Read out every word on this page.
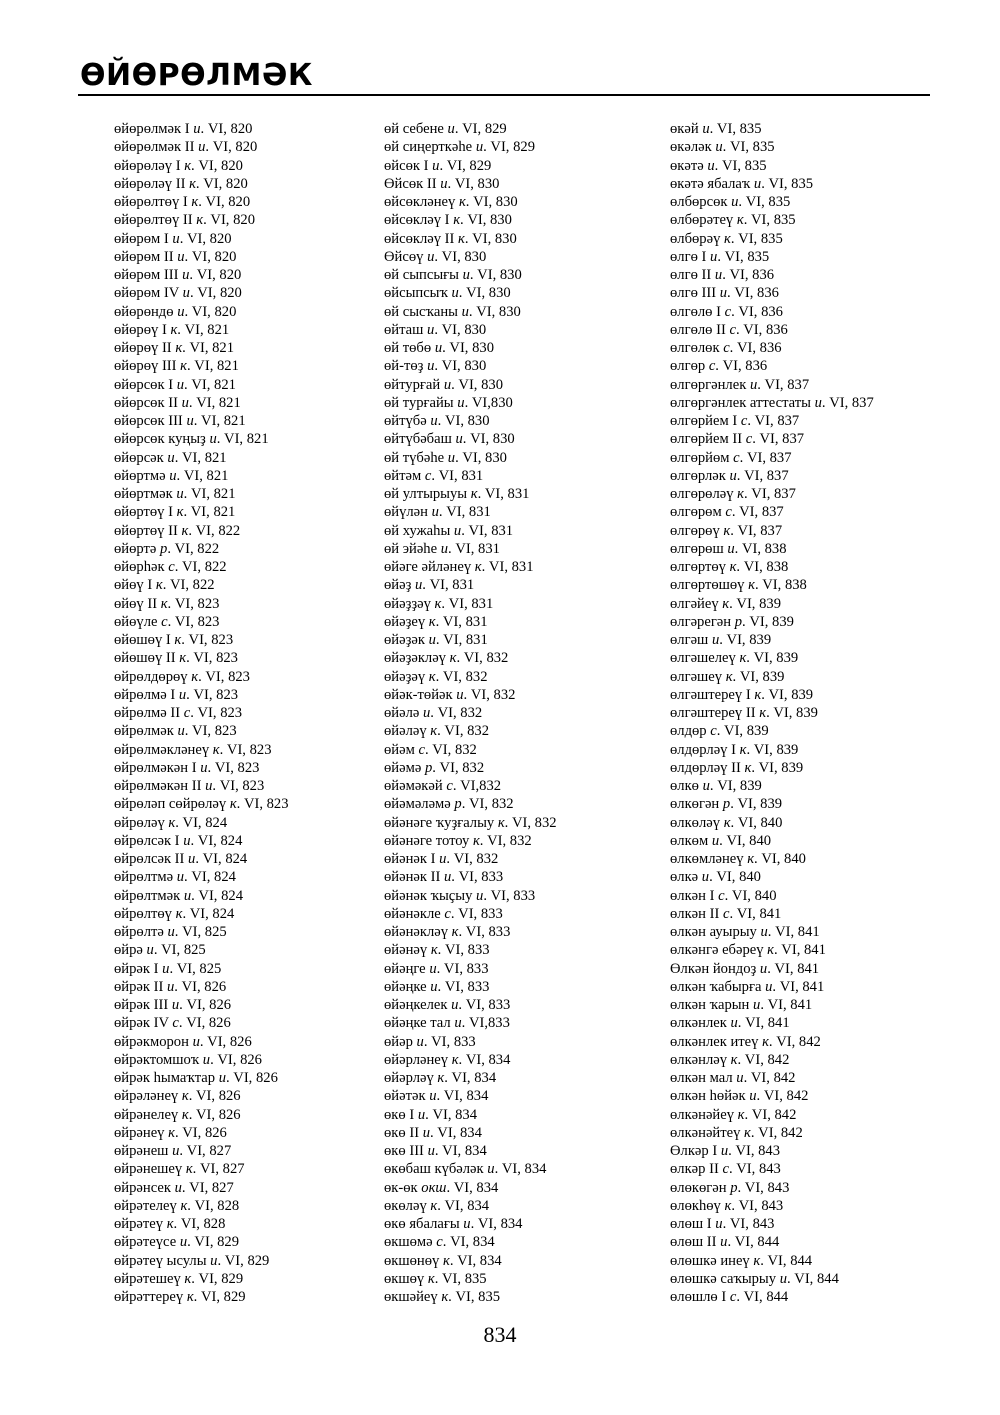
ӨЙӨРӨЛМӘК
өйөрөлмәк I и. VI, 820
өйөрөлмәк II и. VI, 820
өйөрөләү I к. VI, 820
өйөрөләү II к. VI, 820
өйөрөлтөү I к. VI, 820
өйөрөлтөү II к. VI, 820
өйөрөм I и. VI, 820
өйөрөм II и. VI, 820
өйөрөм III и. VI, 820
өйөрөм IV и. VI, 820
өйөрөндө и. VI, 820
өйөрөү I к. VI, 821
өйөрөү II к. VI, 821
өйөрөү III к. VI, 821
өйөрсөк I и. VI, 821
өйөрсөк II и. VI, 821
өйөрсөк III и. VI, 821
өйөрсөк куңыҙ и. VI, 821
өйөрсәк и. VI, 821
өйөртмә и. VI, 821
өйөртмәк и. VI, 821
өйөртөү I к. VI, 821
өйөртөү II к. VI, 822
өйөртә р. VI, 822
өйөрһәк с. VI, 822
өйөү I к. VI, 822
өйөү II к. VI, 823
өйөүле с. VI, 823
өйөшөү I к. VI, 823
өйөшөү II к. VI, 823
өйрөлдөрөү к. VI, 823
өйрөлмә I и. VI, 823
өйрөлмә II с. VI, 823
өйрөлмәк и. VI, 823
өйрөлмәкләнеү к. VI, 823
өйрөлмәкән I и. VI, 823
өйрөлмәкән II и. VI, 823
өйрөләп сөйрөләү к. VI, 823
өйрөләү к. VI, 824
өйрөлсәк I и. VI, 824
өйрөлсәк II и. VI, 824
өйрөлтмә и. VI, 824
өйрөлтмәк и. VI, 824
өйрөлтөү к. VI, 824
өйрөлтә и. VI, 825
өйрә и. VI, 825
өйрәк I и. VI, 825
өйрәк II и. VI, 826
өйрәк III и. VI, 826
өйрәк IV с. VI, 826
өйрәкморон и. VI, 826
өйрәктомшоҡ и. VI, 826
өйрәк һымаҡтар и. VI, 826
өйрәләнеү к. VI, 826
өйрәнелеү к. VI, 826
өйрәнеү к. VI, 826
өйрәнеш и. VI, 827
өйрәнешеү к. VI, 827
өйрәнсек и. VI, 827
өйрәтелеү к. VI, 828
өйрәтеү к. VI, 828
өйрәтеүсе и. VI, 829
өйрәтеү ысулы и. VI, 829
өйрәтешеү к. VI, 829
өйрәттереү к. VI, 829
өй себене и. VI, 829
өй сиңерткәһе и. VI, 829
өйсөк I и. VI, 829
Өйсөк II и. VI, 830
өйсөкләнеү к. VI, 830
өйсөкләү I к. VI, 830
өйсөкләү II к. VI, 830
Өйсөү и. VI, 830
өй сыпсығы и. VI, 830
өйсыпсыҡ и. VI, 830
өй сысҡаны и. VI, 830
өйташ и. VI, 830
өй төбө и. VI, 830
өй-төҙ и. VI, 830
өйтурғай и. VI, 830
өй турғайы и. VI,830
өйтүбә и. VI, 830
өйтүбәбаш и. VI, 830
өй түбәһе и. VI, 830
өйтәм с. VI, 831
өй ултырыуы к. VI, 831
өйүлән и. VI, 831
өй хужаһы и. VI, 831
өй эйәһе и. VI, 831
өйәге әйләнеү к. VI, 831
өйәҙ и. VI, 831
өйәҙҙәү к. VI, 831
өйәҙеү к. VI, 831
өйәҙәк и. VI, 831
өйәҙәкләү к. VI, 832
өйәҙәү к. VI, 832
өйәк-төйәк и. VI, 832
өйәлә и. VI, 832
өйәләү к. VI, 832
өйәм с. VI, 832
өйәмә р. VI, 832
өйәмәкәй с. VI,832
өйәмәләмә р. VI, 832
өйәнәге ҡуҙғалыу к. VI, 832
өйәнәге тотоу к. VI, 832
өйәнәк I и. VI, 832
өйәнәк II и. VI, 833
өйәнәк ҡыҫыу и. VI, 833
өйәнәкле с. VI, 833
өйәнәкләү к. VI, 833
өйәнәү к. VI, 833
өйәңге и. VI, 833
өйәңке и. VI, 833
өйәңкелек и. VI, 833
өйәңке тал и. VI,833
өйәр и. VI, 833
өйәрләнеү к. VI, 834
өйәрләү к. VI, 834
өйәтәк и. VI, 834
өкө I и. VI, 834
өкө II и. VI, 834
өкө III и. VI, 834
өкөбаш күбәләк и. VI, 834
өк-өк окш. VI, 834
өкөләү к. VI, 834
өкө ябалағы и. VI, 834
өкшөмә с. VI, 834
өкшөнөү к. VI, 834
өкшөү к. VI, 835
өкшәйеү к. VI, 835
өкәй и. VI, 835
өкәләк и. VI, 835
өкәтә и. VI, 835
өкәтә ябалаҡ и. VI, 835
өлбөрсөк и. VI, 835
өлбөрәтеү к. VI, 835
өлбөрәү к. VI, 835
өлгө I и. VI, 835
өлгө II и. VI, 836
өлгө III и. VI, 836
өлгөлө I с. VI, 836
өлгөлө II с. VI, 836
өлгөлөк с. VI, 836
өлгөр с. VI, 836
өлгөргәнлек и. VI, 837
өлгөргәнлек аттестаты и. VI, 837
өлгөрйем I с. VI, 837
өлгөрйем II с. VI, 837
өлгөрйөм с. VI, 837
өлгөрләк и. VI, 837
өлгөрөләү к. VI, 837
өлгөрөм с. VI, 837
өлгөрөү к. VI, 837
өлгөрөш и. VI, 838
өлгөртөү к. VI, 838
өлгөртөшөү к. VI, 838
өлгәйеү к. VI, 839
өлгәрегән р. VI, 839
өлгәш и. VI, 839
өлгәшелеү к. VI, 839
өлгәшеү к. VI, 839
өлгәштереү I к. VI, 839
өлгәштереү II к. VI, 839
өлдөр с. VI, 839
өлдөрләү I к. VI, 839
өлдөрләү II к. VI, 839
өлкө и. VI, 839
өлкөгән р. VI, 839
өлкөләү к. VI, 840
өлкөм и. VI, 840
өлкөмләнеү к. VI, 840
өлкә и. VI, 840
өлкән I с. VI, 840
өлкән II с. VI, 841
өлкән ауырыу и. VI, 841
өлкәнгә ебәреү к. VI, 841
Өлкән йондоҙ и. VI, 841
өлкән ҡабырға и. VI, 841
өлкән ҡарын и. VI, 841
өлкәнлек и. VI, 841
өлкәнлек итеү к. VI, 842
өлкәнләү к. VI, 842
өлкән мал и. VI, 842
өлкән һөйәк и. VI, 842
өлкәнәйеү к. VI, 842
өлкәнәйтеү к. VI, 842
Өлкәр I и. VI, 843
өлкәр II с. VI, 843
өлөкөгән р. VI, 843
өлөкһөү к. VI, 843
өлөш I и. VI, 843
өлөш II и. VI, 844
өлөшкә инеү к. VI, 844
өлөшкә саҡырыу и. VI, 844
өлөшлө I с. VI, 844
834
